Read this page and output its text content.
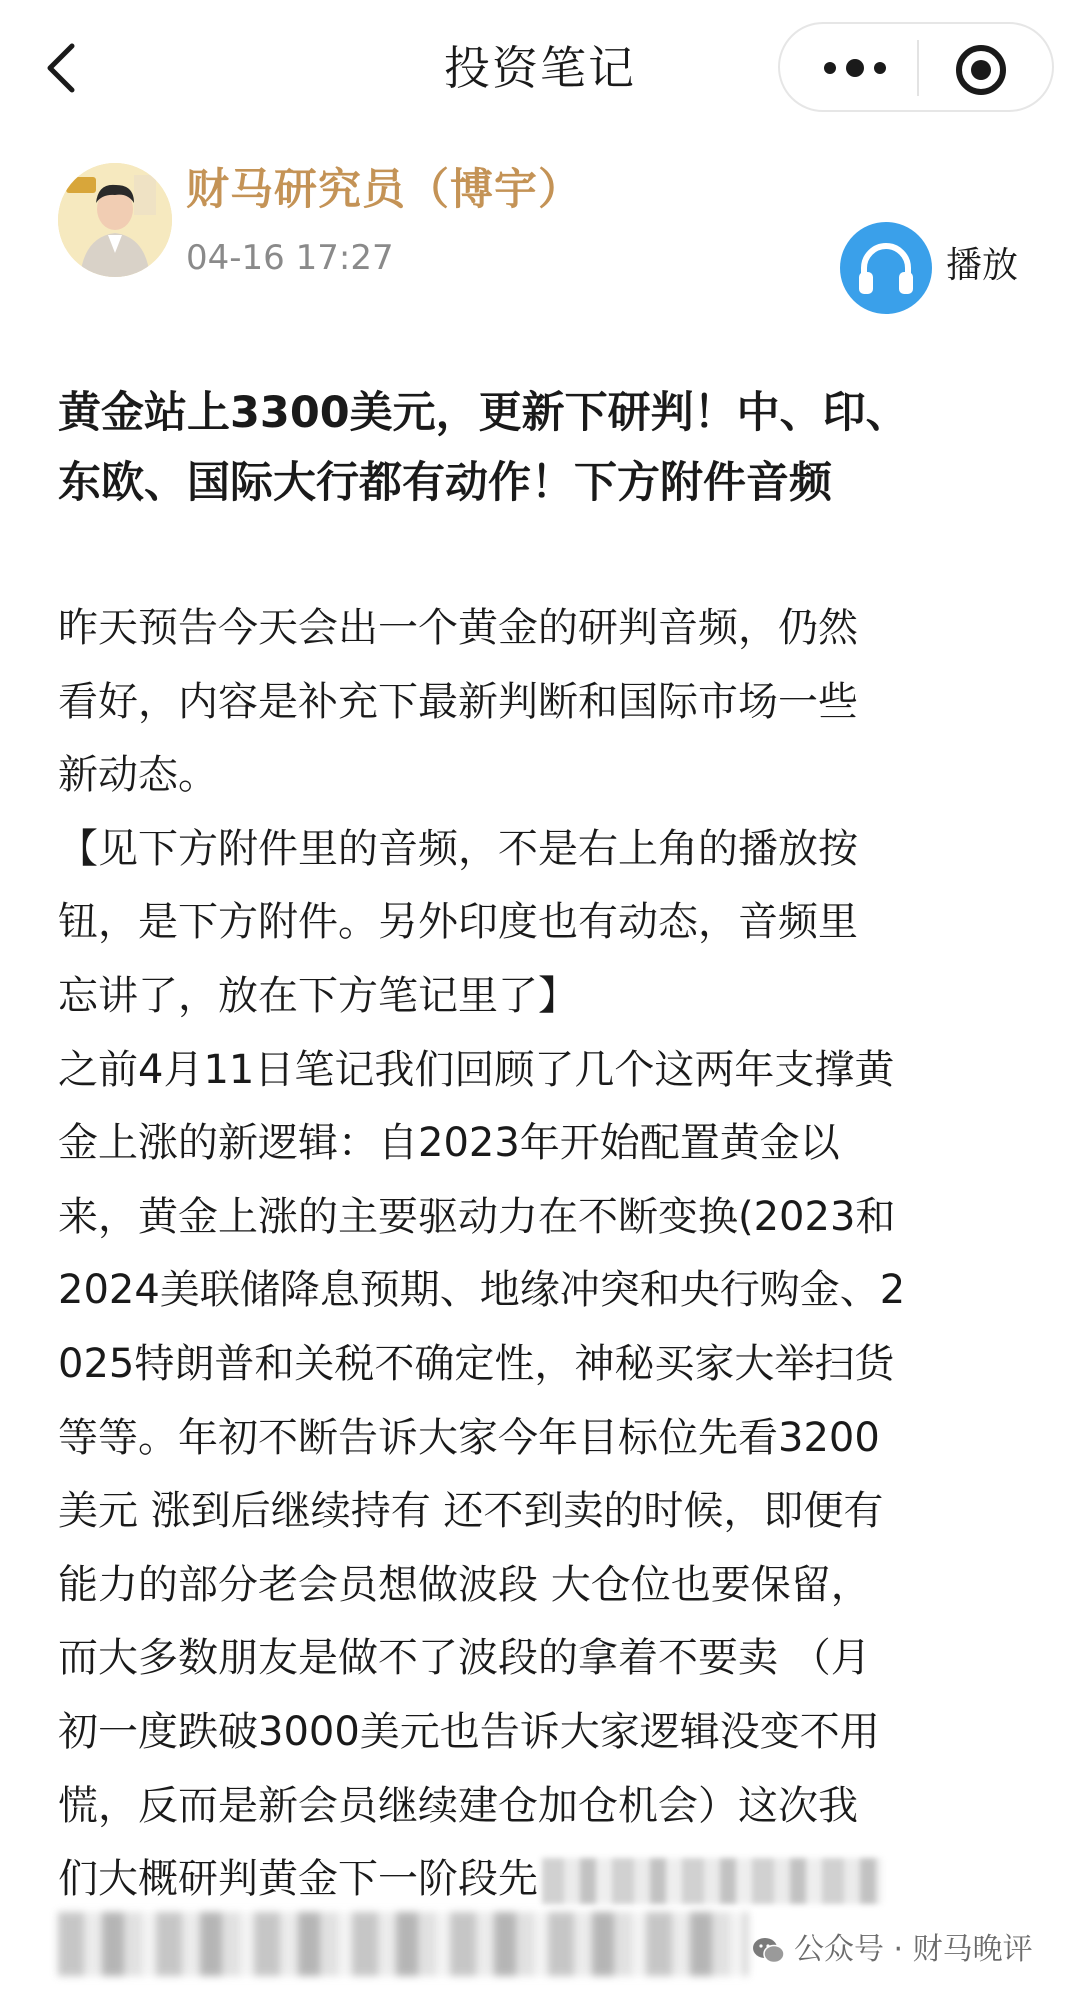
投资笔记
财马研究员（博宇）
04-16 17:27	播放
黄金站上3300美元，更新下研判！中、印、
东欧、国际大行都有动作！下方附件音频
昨天预告今天会出一个黄金的研判音频，仍然
看好，内容是补充下最新判断和国际市场一些
新动态。
【见下方附件里的音频，不是右上角的播放按
钮，是下方附件。另外印度也有动态，音频里
忘讲了，放在下方笔记里了】
之前4月11日笔记我们回顾了几个这两年支撑黄
金上涨的新逻辑：自2023年开始配置黄金以
来，黄金上涨的主要驱动力在不断变换(2023和
2024美联储降息预期、地缘冲突和央行购金、2
025特朗普和关税不确定性，神秘买家大举扫货
等等。年初不断告诉大家今年目标位先看3200
美元 涨到后继续持有 还不到卖的时候，即便有
能力的部分老会员想做波段 大仓位也要保留，
而大多数朋友是做不了波段的拿着不要卖 （月
初一度跌破3000美元也告诉大家逻辑没变不用
慌，反而是新会员继续建仓加仓机会）这次我
们大概研判黄金下一阶段先
公众号 · 财马晚评
